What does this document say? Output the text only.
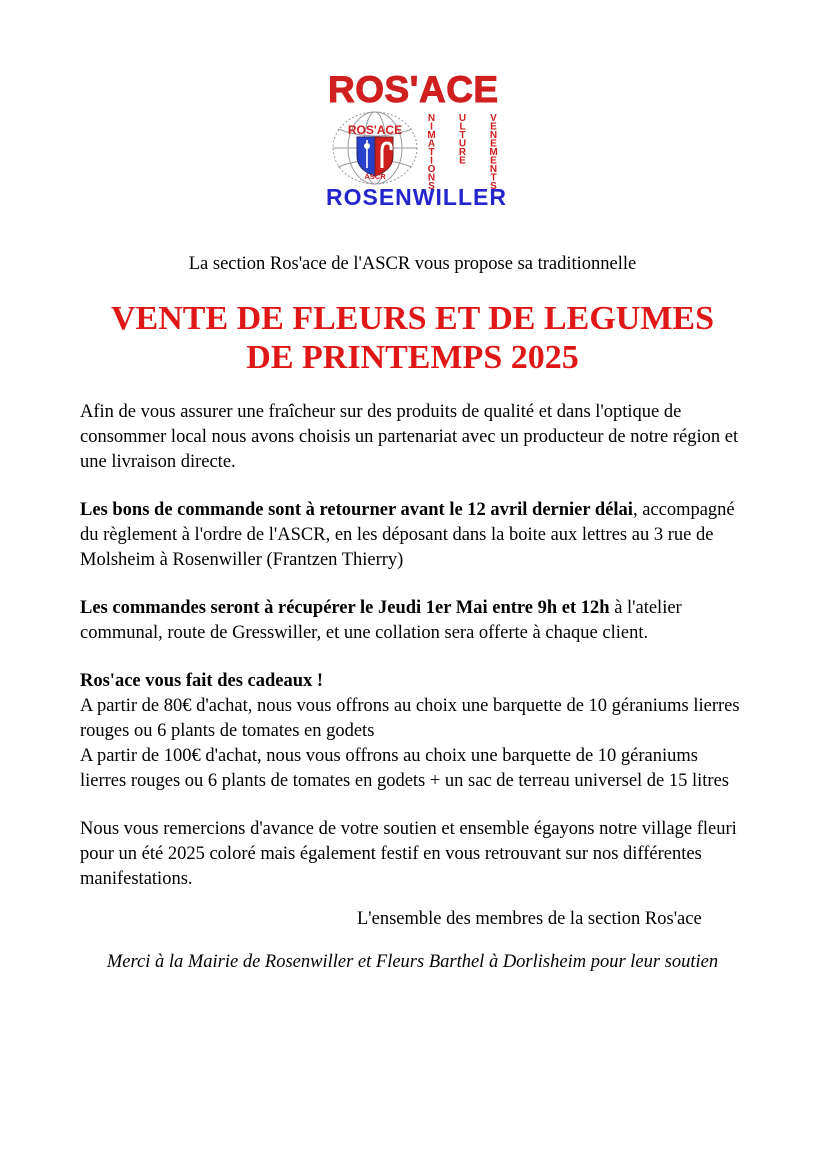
ROS'ACE
NIMATIONS ULTURE VENEMENTS
ROS'ACE
ASCR
ROSENWILLER

La section Ros'ace de l'ASCR vous propose sa traditionnelle

VENTE DE FLEURS ET DE LEGUMES
DE PRINTEMPS 2025

Afin de vous assurer une fraîcheur sur des produits de qualité et dans l'optique de consommer local nous avons choisis un partenariat avec un producteur de notre région et une livraison directe.

Les bons de commande sont à retourner avant le 12 avril dernier délai, accompagné du règlement à l'ordre de l'ASCR, en les déposant dans la boite aux lettres au 3 rue de Molsheim à Rosenwiller (Frantzen Thierry)

Les commandes seront à récupérer le Jeudi 1er Mai entre 9h et 12h à l'atelier communal, route de Gresswiller, et une collation sera offerte à chaque client.

Ros'ace vous fait des cadeaux !
A partir de 80€ d'achat, nous vous offrons au choix une barquette de 10 géraniums lierres rouges ou 6 plants de tomates en godets
A partir de 100€ d'achat, nous vous offrons au choix une barquette de 10 géraniums lierres rouges ou 6 plants de tomates en godets + un sac de terreau universel de 15 litres

Nous vous remercions d'avance de votre soutien et ensemble égayons notre village fleuri pour un été 2025 coloré mais également festif en vous retrouvant sur nos différentes manifestations.

L'ensemble des membres de la section Ros'ace

Merci à la Mairie de Rosenwiller et Fleurs Barthel à Dorlisheim pour leur soutien
